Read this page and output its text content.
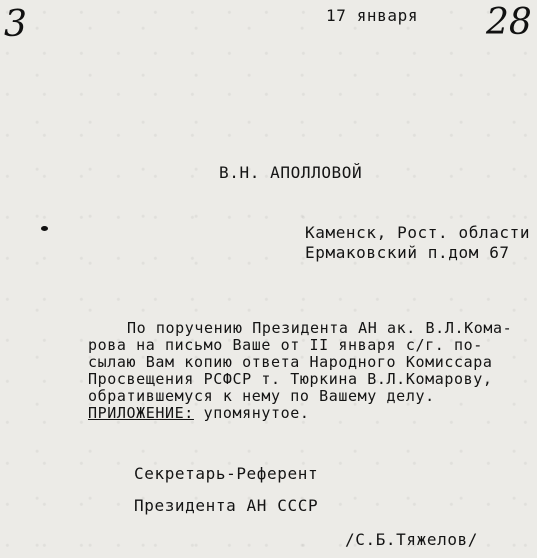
3	17 января 28
В.Н. АПОЛЛОВОЙ
Каменск, Рост. области
Ермаковский п.дом 67
По поручению Президента АН ак. В.Л.Кома-
рова на письмо Ваше от II января с/г. по-
сылаю Вам копию ответа Народного Комиссара
Просвещения РСФСР т. Тюркина В.Л.Комарову,
обратившемуся к нему по Вашему делу.
ПРИЛОЖЕНИЕ: упомянутое.
Секретарь-Референт
Президента АН СССР
/С.Б.Тяжелов/
